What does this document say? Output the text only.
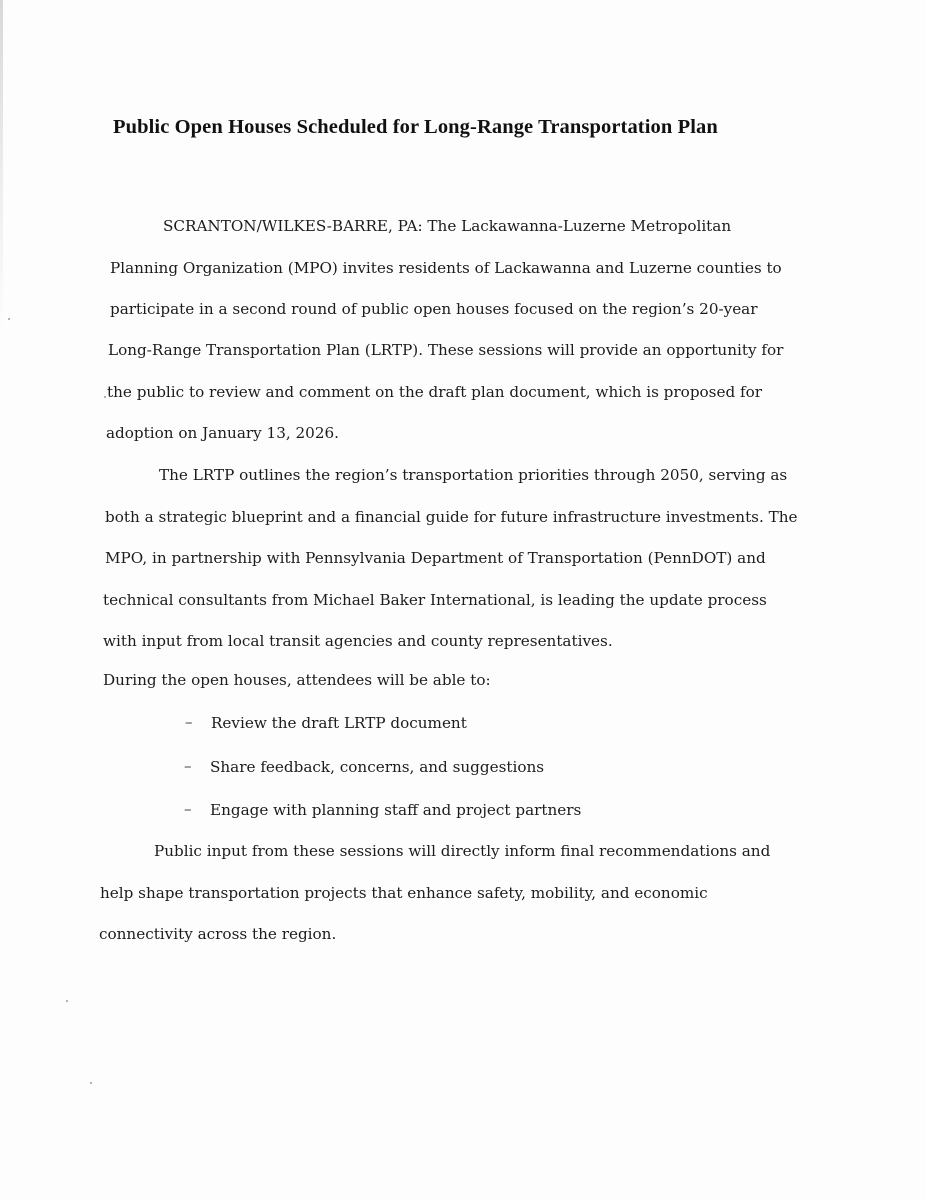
Public Open Houses Scheduled for Long-Range Transportation Plan

SCRANTON/WILKES-BARRE, PA: The Lackawanna-Luzerne Metropolitan

Planning Organization (MPO) invites residents of Lackawanna and Luzerne counties to

participate in a second round of public open houses focused on the region’s 20-year

Long-Range Transportation Plan (LRTP). These sessions will provide an opportunity for

the public to review and comment on the draft plan document, which is proposed for

adoption on January 13, 2026.

The LRTP outlines the region’s transportation priorities through 2050, serving as

both a strategic blueprint and a financial guide for future infrastructure investments. The

MPO, in partnership with Pennsylvania Department of Transportation (PennDOT) and

technical consultants from Michael Baker International, is leading the update process

with input from local transit agencies and county representatives.

During the open houses, attendees will be able to:

– Review the draft LRTP document

– Share feedback, concerns, and suggestions

– Engage with planning staff and project partners

Public input from these sessions will directly inform final recommendations and

help shape transportation projects that enhance safety, mobility, and economic

connectivity across the region.
